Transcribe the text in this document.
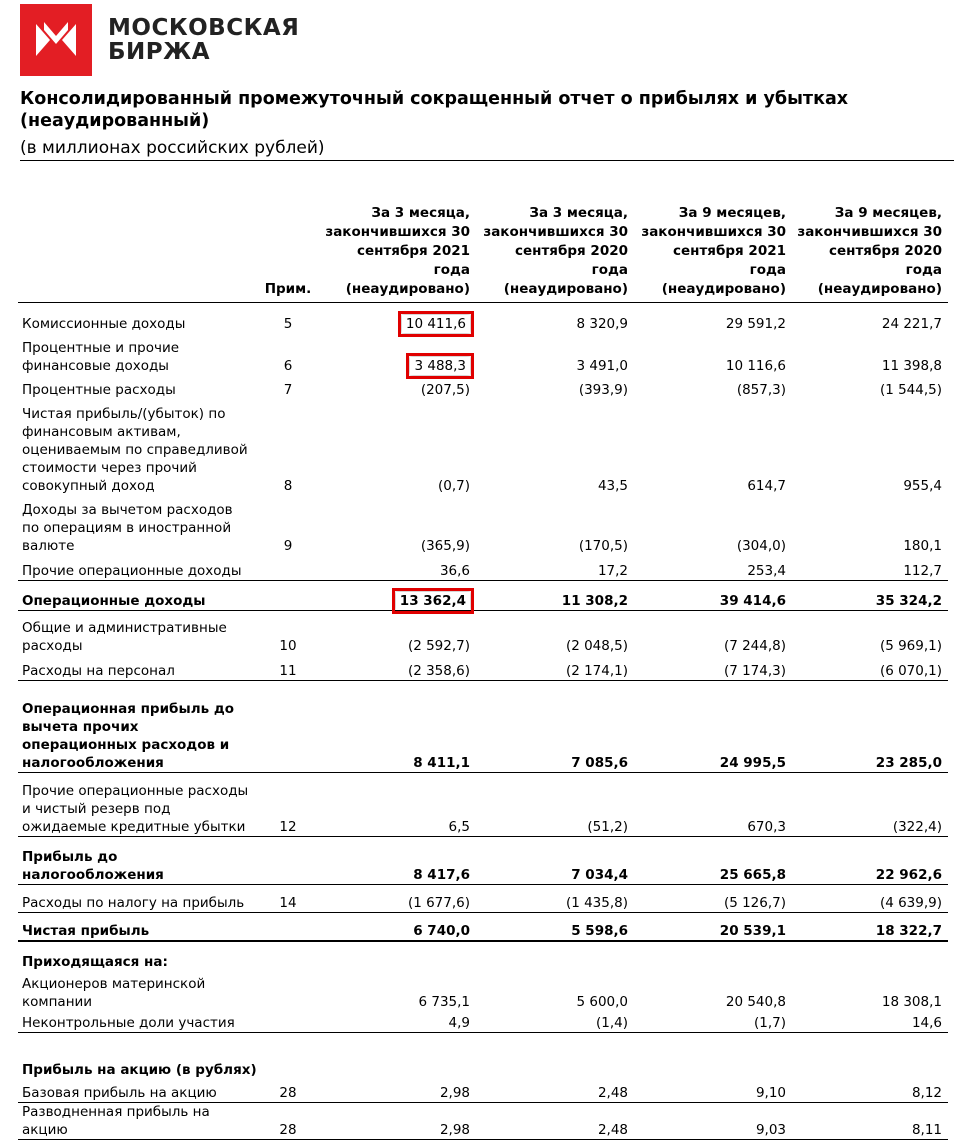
МОСКОВСКАЯ
БИРЖА
Консолидированный промежуточный сокращенный отчет о прибылях и убытках (неаудированный)
(в миллионах российских рублей)
	Прим.	За 3 месяца, закончившихся 30 сентября 2021 года (неаудировано)	За 3 месяца, закончившихся 30 сентября 2020 года (неаудировано)	За 9 месяцев, закончившихся 30 сентября 2021 года (неаудировано)	За 9 месяцев, закончившихся 30 сентября 2020 года (неаудировано)
Комиссионные доходы	5	10 411,6	8 320,9	29 591,2	24 221,7
Процентные и прочие финансовые доходы	6	3 488,3	3 491,0	10 116,6	11 398,8
Процентные расходы	7	(207,5)	(393,9)	(857,3)	(1 544,5)
Чистая прибыль/(убыток) по финансовым активам, оцениваемым по справедливой стоимости через прочий совокупный доход	8	(0,7)	43,5	614,7	955,4
Доходы за вычетом расходов по операциям в иностранной валюте	9	(365,9)	(170,5)	(304,0)	180,1
Прочие операционные доходы		36,6	17,2	253,4	112,7
Операционные доходы		13 362,4	11 308,2	39 414,6	35 324,2
Общие и административные расходы	10	(2 592,7)	(2 048,5)	(7 244,8)	(5 969,1)
Расходы на персонал	11	(2 358,6)	(2 174,1)	(7 174,3)	(6 070,1)
Операционная прибыль до вычета прочих операционных расходов и налогообложения		8 411,1	7 085,6	24 995,5	23 285,0
Прочие операционные расходы и чистый резерв под ожидаемые кредитные убытки	12	6,5	(51,2)	670,3	(322,4)
Прибыль до налогообложения		8 417,6	7 034,4	25 665,8	22 962,6
Расходы по налогу на прибыль	14	(1 677,6)	(1 435,8)	(5 126,7)	(4 639,9)
Чистая прибыль		6 740,0	5 598,6	20 539,1	18 322,7
Приходящаяся на:					
Акционеров материнской компании		6 735,1	5 600,0	20 540,8	18 308,1
Неконтрольные доли участия		4,9	(1,4)	(1,7)	14,6
Прибыль на акцию (в рублях)					
Базовая прибыль на акцию	28	2,98	2,48	9,10	8,12
Разводненная прибыль на акцию	28	2,98	2,48	9,03	8,11
